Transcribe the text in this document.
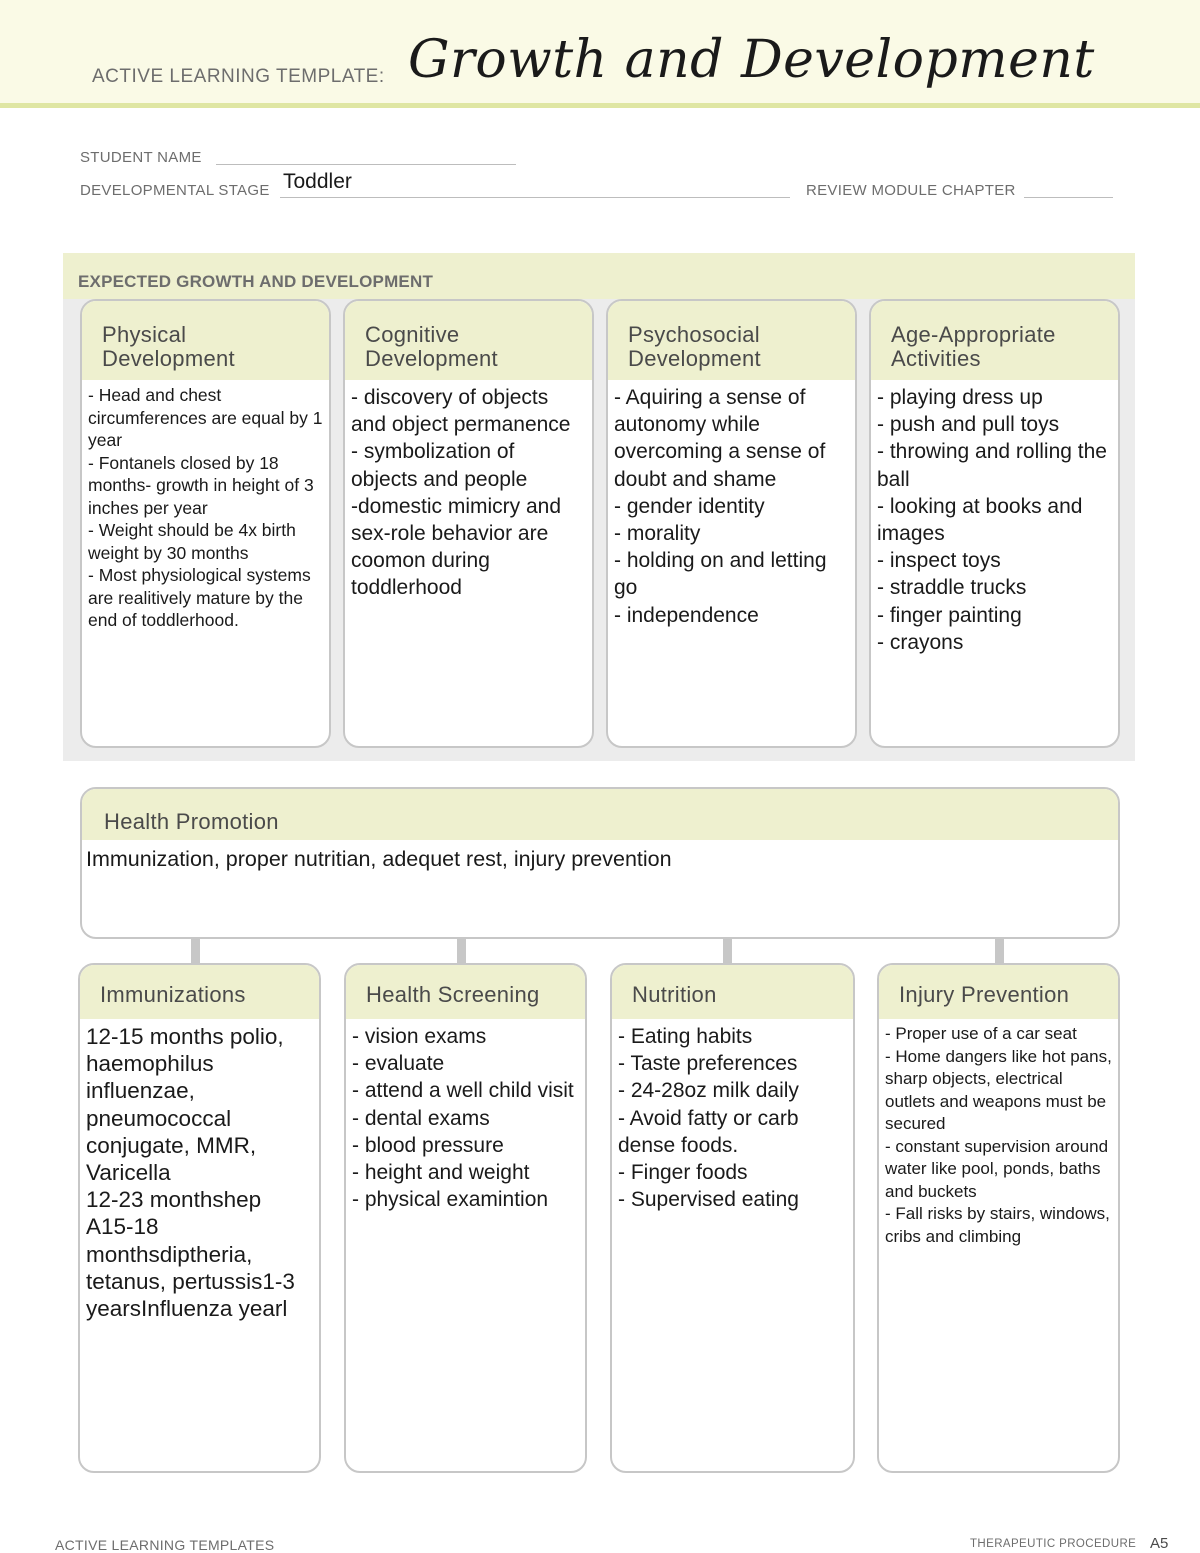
ACTIVE LEARNING TEMPLATE: Growth and Development
STUDENT NAME
DEVELOPMENTAL STAGE Toddler	REVIEW MODULE CHAPTER
EXPECTED GROWTH AND DEVELOPMENT
Physical
Development
- Head and chest circumferences are equal by 1 year
- Fontanels closed by 18 months- growth in height of 3 inches per year
- Weight should be 4x birth weight by 30 months
- Most physiological systems are realitively mature by the end of toddlerhood.
Cognitive
Development
- discovery of objects and object permanence
- symbolization of objects and people
-domestic mimicry and sex-role behavior are coomon during toddlerhood
Psychosocial
Development
- Aquiring a sense of autonomy while overcoming a sense of doubt and shame
- gender identity
- morality
- holding on and letting go
- independence
Age-Appropriate
Activities
- playing dress up
- push and pull toys
- throwing and rolling the ball
- looking at books and images
- inspect toys
- straddle trucks
- finger painting
- crayons
Health Promotion
Immunization, proper nutritian, adequet rest, injury prevention
Immunizations
12-15 months polio, haemophilus influenzae, pneumococcal conjugate, MMR, Varicella
12-23 monthshep A15-18 monthsdiptheria, tetanus, pertussis1-3 yearsInfluenza yearl
Health Screening
- vision exams
- evaluate
- attend a well child visit
- dental exams
- blood pressure
- height and weight
- physical examintion
Nutrition
- Eating habits
- Taste preferences
- 24-28oz milk daily
- Avoid fatty or carb dense foods.
- Finger foods
- Supervised eating
Injury Prevention
- Proper use of a car seat
- Home dangers like hot pans, sharp objects, electrical outlets and weapons must be secured
- constant supervision around water like pool, ponds, baths and buckets
- Fall risks by stairs, windows, cribs and climbing
ACTIVE LEARNING TEMPLATES	THERAPEUTIC PROCEDURE A5
